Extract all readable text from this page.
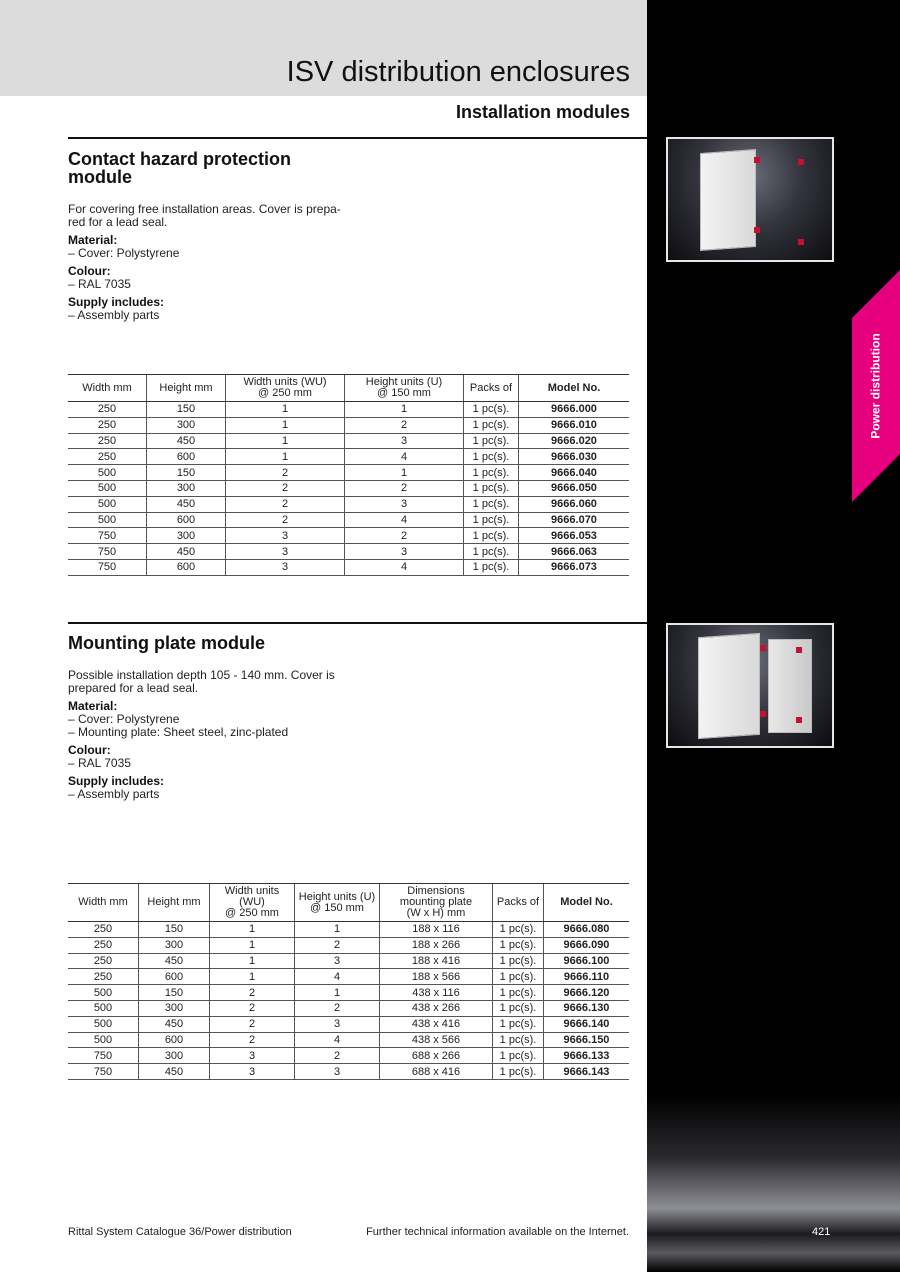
ISV distribution enclosures
Installation modules
Power distribution
Contact hazard protection
module

For covering free installation areas. Cover is prepa-
red for a lead seal.

Material:

– Cover: Polystyrene

Colour:

– RAL 7035

Supply includes:

– Assembly parts

Width mm	Height mm	Width units (WU)
@ 250 mm	Height units (U)
@ 150 mm	Packs of	Model No.
250	150	1	1	1 pc(s).	9666.000
250	300	1	2	1 pc(s).	9666.010
250	450	1	3	1 pc(s).	9666.020
250	600	1	4	1 pc(s).	9666.030
500	150	2	1	1 pc(s).	9666.040
500	300	2	2	1 pc(s).	9666.050
500	450	2	3	1 pc(s).	9666.060
500	600	2	4	1 pc(s).	9666.070
750	300	3	2	1 pc(s).	9666.053
750	450	3	3	1 pc(s).	9666.063
750	600	3	4	1 pc(s).	9666.073
Mounting plate module

Possible installation depth 105 - 140 mm. Cover is
prepared for a lead seal.

Material:

– Cover: Polystyrene

– Mounting plate: Sheet steel, zinc-plated

Colour:

– RAL 7035

Supply includes:

– Assembly parts

Width mm	Height mm	Width units (WU)
@ 250 mm	Height units (U)
@ 150 mm	Dimensions
mounting plate
(W x H) mm	Packs of	Model No.
250	150	1	1	188 x 116	1 pc(s).	9666.080
250	300	1	2	188 x 266	1 pc(s).	9666.090
250	450	1	3	188 x 416	1 pc(s).	9666.100
250	600	1	4	188 x 566	1 pc(s).	9666.110
500	150	2	1	438 x 116	1 pc(s).	9666.120
500	300	2	2	438 x 266	1 pc(s).	9666.130
500	450	2	3	438 x 416	1 pc(s).	9666.140
500	600	2	4	438 x 566	1 pc(s).	9666.150
750	300	3	2	688 x 266	1 pc(s).	9666.133
750	450	3	3	688 x 416	1 pc(s).	9666.143
Rittal System Catalogue 36/Power distribution	Further technical information available on the Internet.	421
